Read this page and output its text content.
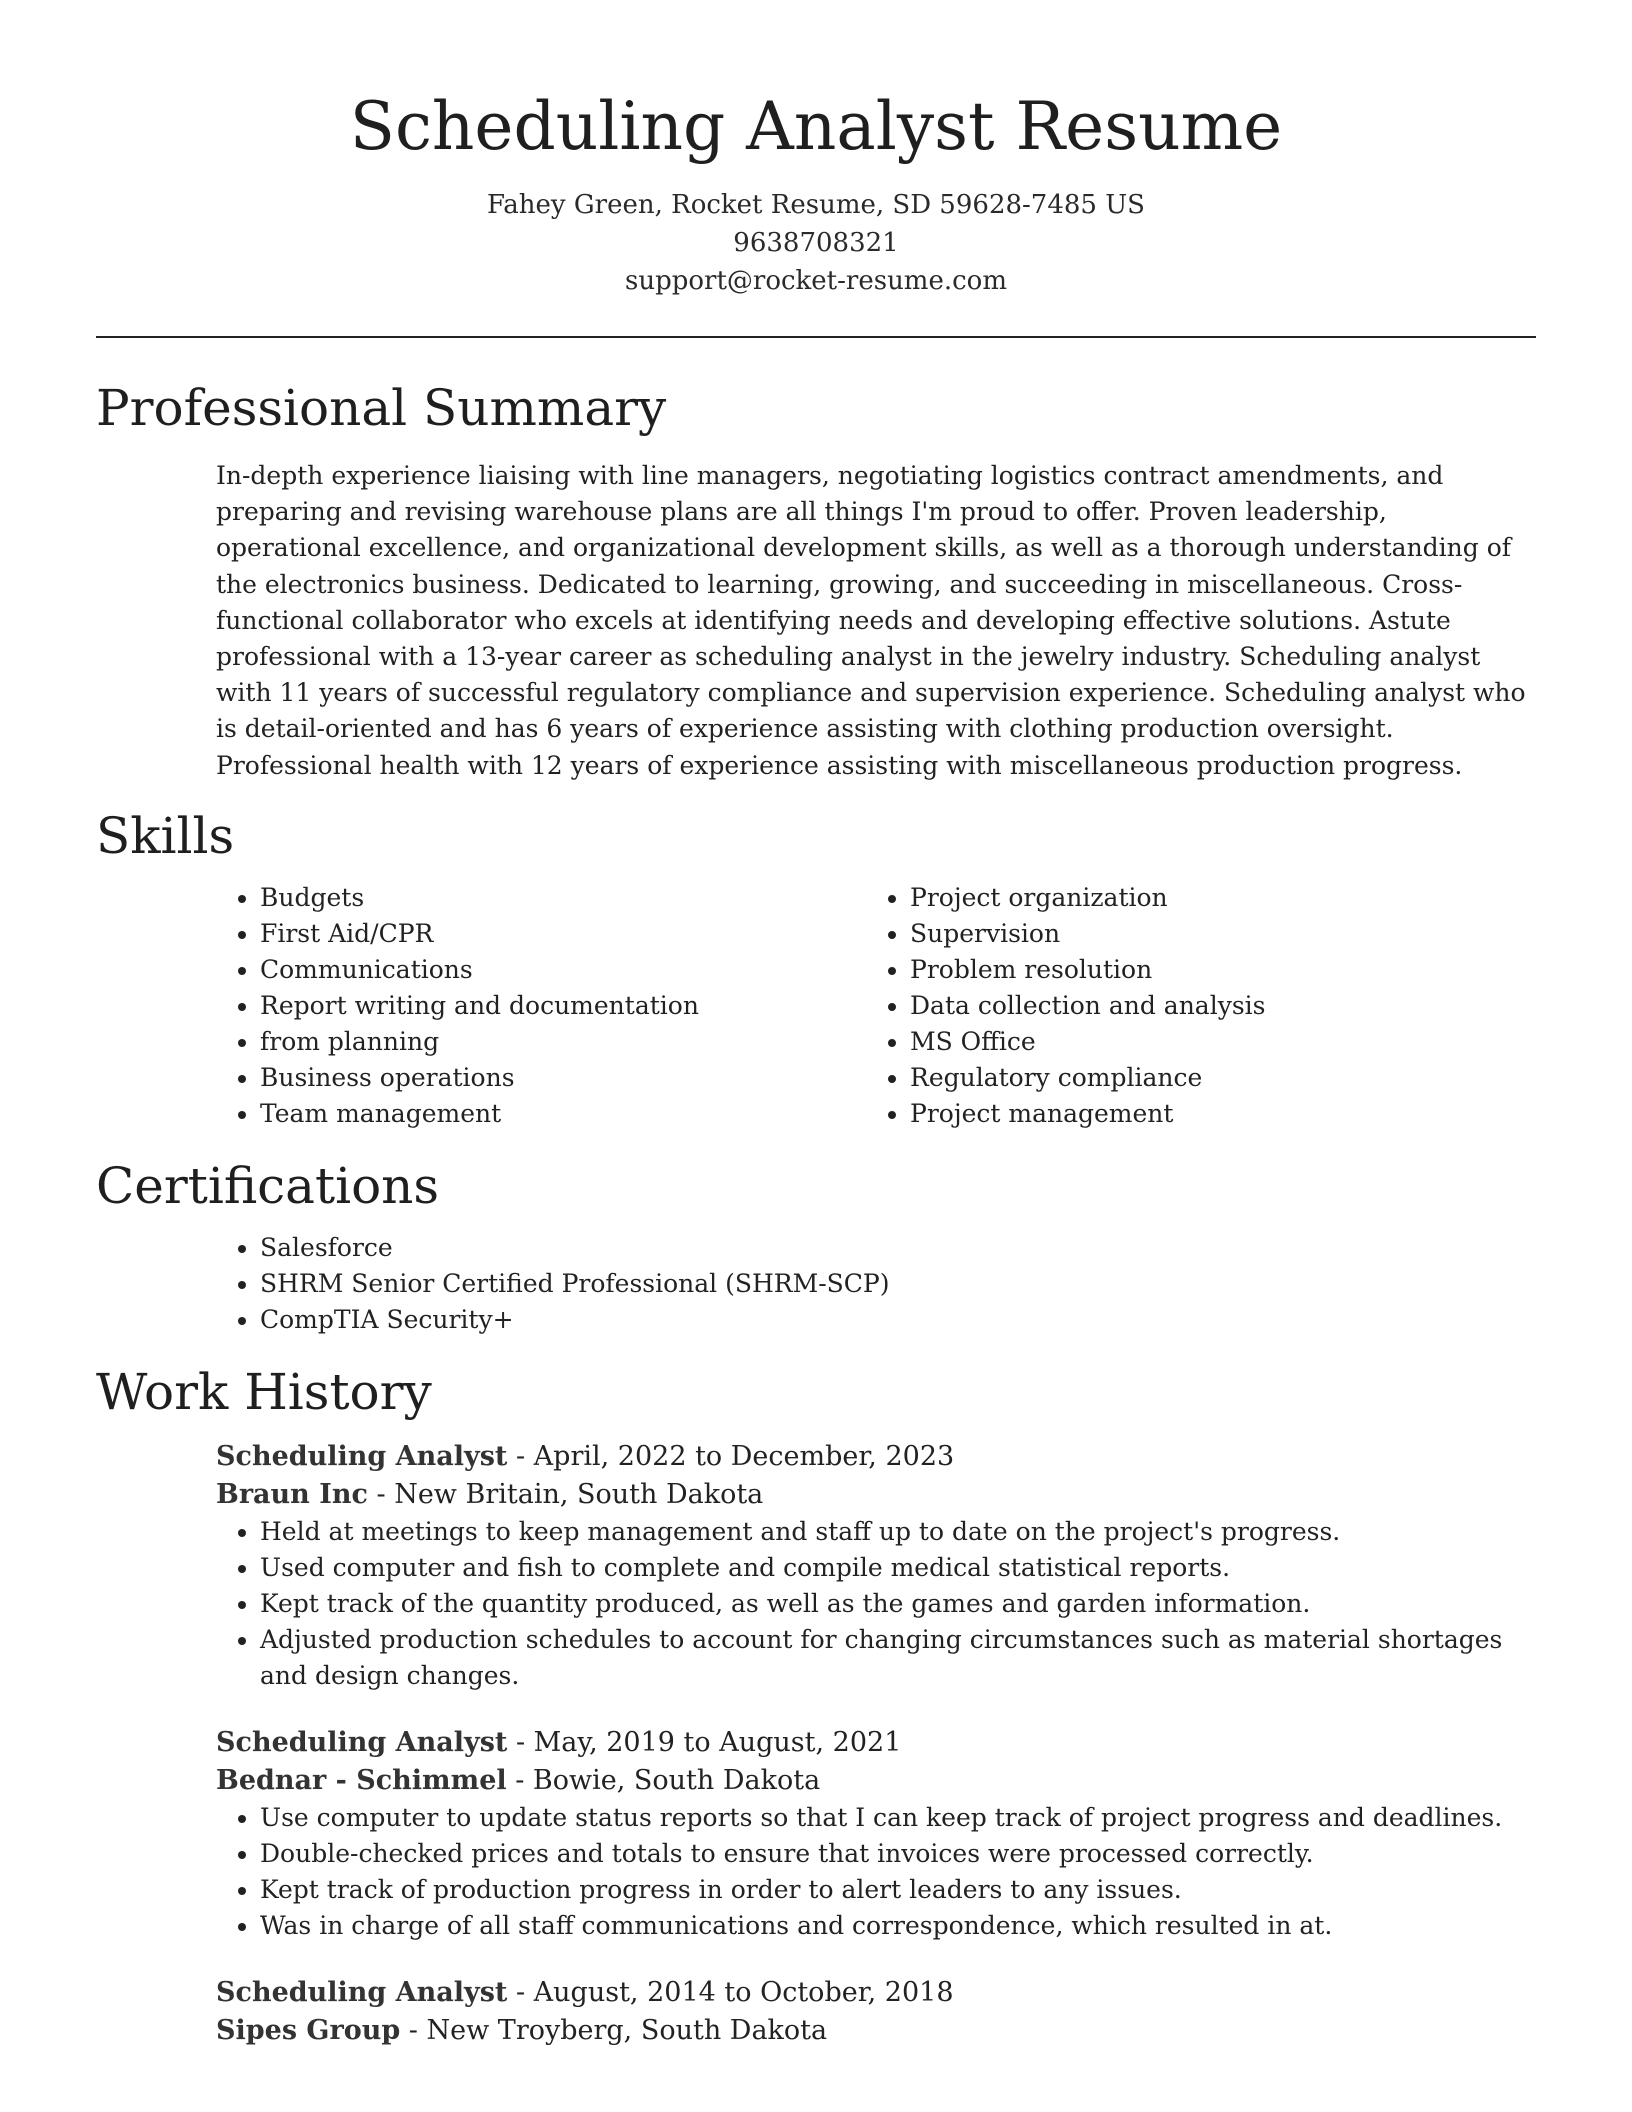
Scheduling Analyst Resume
Fahey Green, Rocket Resume, SD 59628-7485 US
9638708321
support@rocket-resume.com
Professional Summary
In-depth experience liaising with line managers, negotiating logistics contract amendments, and preparing and revising warehouse plans are all things I'm proud to offer. Proven leadership, operational excellence, and organizational development skills, as well as a thorough understanding of the electronics business. Dedicated to learning, growing, and succeeding in miscellaneous. Cross-functional collaborator who excels at identifying needs and developing effective solutions. Astute professional with a 13-year career as scheduling analyst in the jewelry industry. Scheduling analyst with 11 years of successful regulatory compliance and supervision experience. Scheduling analyst who is detail-oriented and has 6 years of experience assisting with clothing production oversight. Professional health with 12 years of experience assisting with miscellaneous production progress.
Skills
• Budgets
• First Aid/CPR
• Communications
• Report writing and documentation
• from planning
• Business operations
• Team management
• Project organization
• Supervision
• Problem resolution
• Data collection and analysis
• MS Office
• Regulatory compliance
• Project management
Certifications
• Salesforce
• SHRM Senior Certified Professional (SHRM-SCP)
• CompTIA Security+
Work History
Scheduling Analyst - April, 2022 to December, 2023
Braun Inc - New Britain, South Dakota
• Held at meetings to keep management and staff up to date on the project's progress.
• Used computer and fish to complete and compile medical statistical reports.
• Kept track of the quantity produced, as well as the games and garden information.
• Adjusted production schedules to account for changing circumstances such as material shortages and design changes.
Scheduling Analyst - May, 2019 to August, 2021
Bednar - Schimmel - Bowie, South Dakota
• Use computer to update status reports so that I can keep track of project progress and deadlines.
• Double-checked prices and totals to ensure that invoices were processed correctly.
• Kept track of production progress in order to alert leaders to any issues.
• Was in charge of all staff communications and correspondence, which resulted in at.
Scheduling Analyst - August, 2014 to October, 2018
Sipes Group - New Troyberg, South Dakota
